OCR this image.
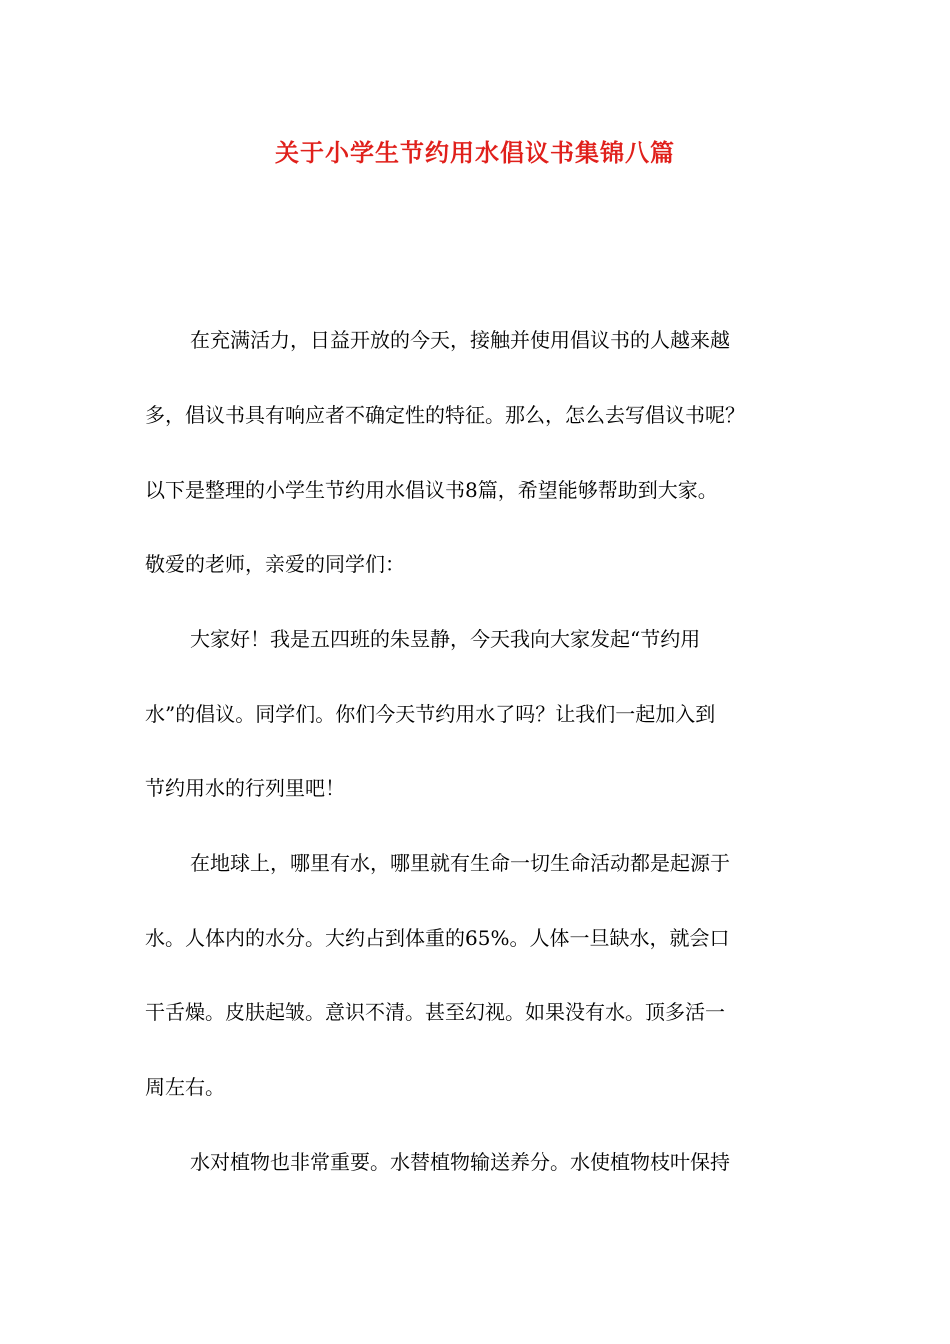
关于小学生节约用水倡议书集锦八篇
在充满活力，日益开放的今天，接触并使用倡议书的人越来越
多，倡议书具有响应者不确定性的特征。那么，怎么去写倡议书呢？
以下是整理的小学生节约用水倡议书8篇，希望能够帮助到大家。
敬爱的老师，亲爱的同学们：
大家好！我是五四班的朱昱静，今天我向大家发起“节约用
水”的倡议。同学们。你们今天节约用水了吗？让我们一起加入到
节约用水的行列里吧！
在地球上，哪里有水，哪里就有生命一切生命活动都是起源于
水。人体内的水分。大约占到体重的65%。人体一旦缺水，就会口
干舌燥。皮肤起皱。意识不清。甚至幻视。如果没有水。顶多活一
周左右。
水对植物也非常重要。水替植物输送养分。水使植物枝叶保持
